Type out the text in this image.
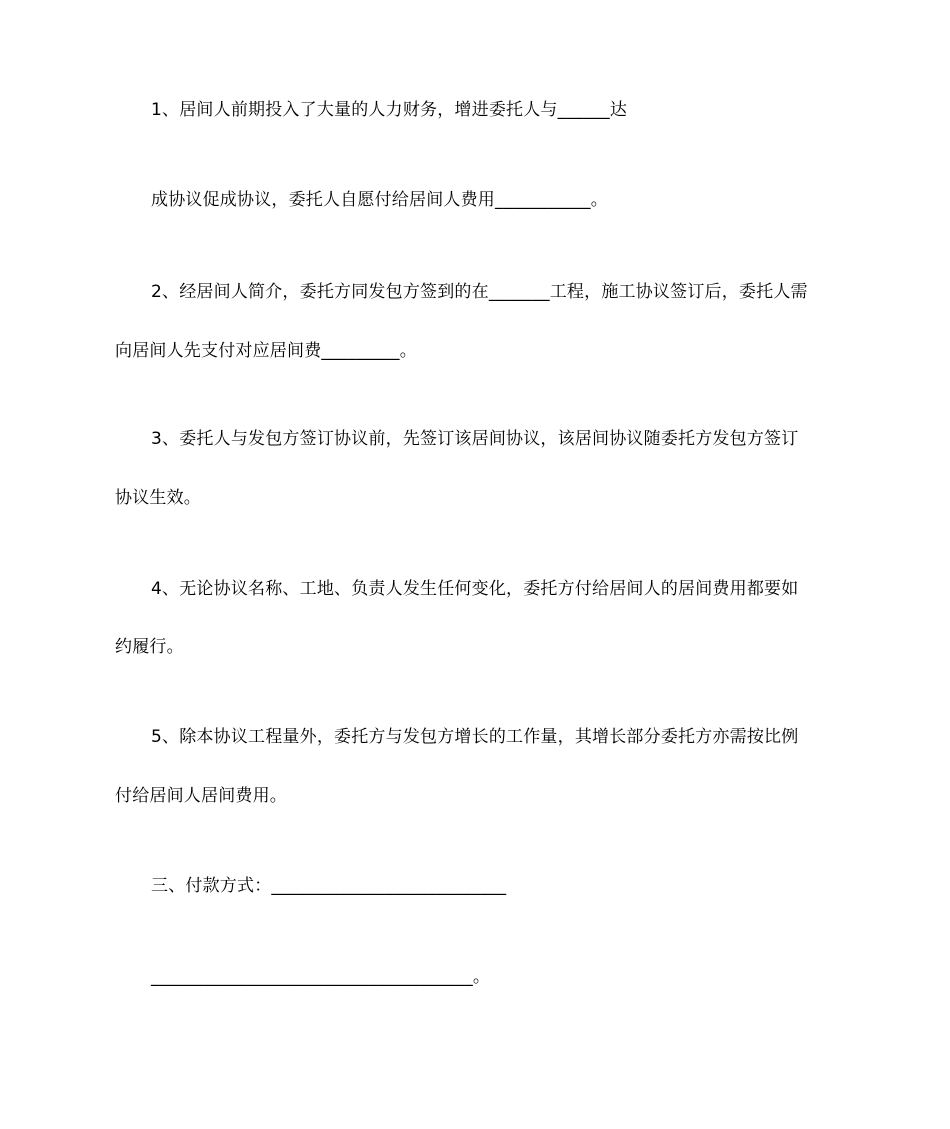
1、居间人前期投入了大量的人力财务，增进委托人与______达
成协议促成协议，委托人自愿付给居间人费用___________。
2、经居间人简介，委托方同发包方签到的在_______工程，施工协议签订后，委托人需
向居间人先支付对应居间费_________。
3、委托人与发包方签订协议前，先签订该居间协议，该居间协议随委托方发包方签订
协议生效。
4、无论协议名称、工地、负责人发生任何变化，委托方付给居间人的居间费用都要如
约履行。
5、除本协议工程量外，委托方与发包方增长的工作量，其增长部分委托方亦需按比例
付给居间人居间费用。
三、付款方式：___________________________
_____________________________________。
